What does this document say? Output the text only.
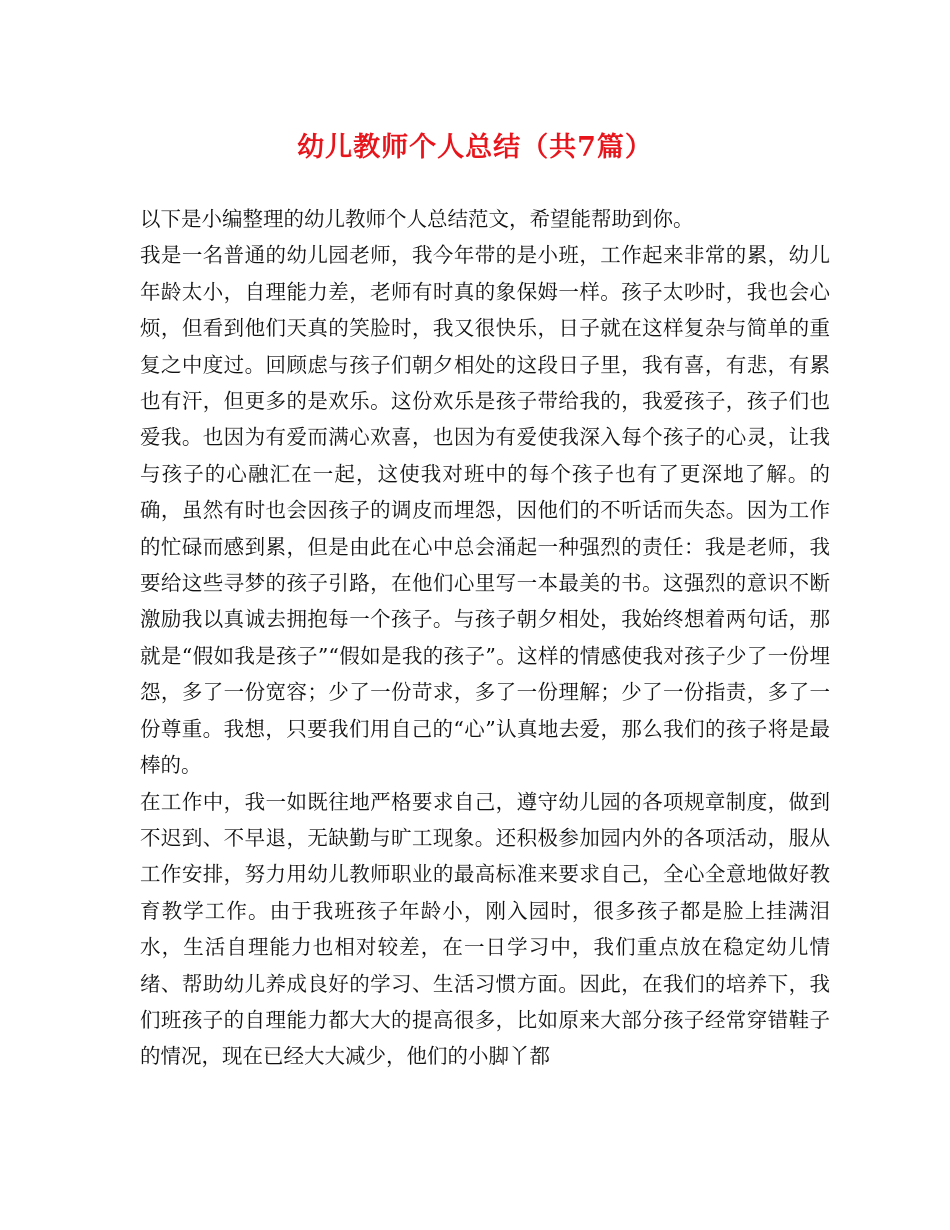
幼儿教师个人总结（共7篇）

以下是小编整理的幼儿教师个人总结范文，希望能帮助到你。

我是一名普通的幼儿园老师，我今年带的是小班，工作起来非常的累，幼儿年龄太小，自理能力差，老师有时真的象保姆一样。孩子太吵时，我也会心烦，但看到他们天真的笑脸时，我又很快乐，日子就在这样复杂与简单的重复之中度过。回顾虑与孩子们朝夕相处的这段日子里，我有喜，有悲，有累也有汗，但更多的是欢乐。这份欢乐是孩子带给我的，我爱孩子，孩子们也爱我。也因为有爱而满心欢喜，也因为有爱使我深入每个孩子的心灵，让我与孩子的心融汇在一起，这使我对班中的每个孩子也有了更深地了解。的确，虽然有时也会因孩子的调皮而埋怨，因他们的不听话而失态。因为工作的忙碌而感到累，但是由此在心中总会涌起一种强烈的责任：我是老师，我要给这些寻梦的孩子引路，在他们心里写一本最美的书。这强烈的意识不断激励我以真诚去拥抱每一个孩子。与孩子朝夕相处，我始终想着两句话，那就是“假如我是孩子”“假如是我的孩子”。这样的情感使我对孩子少了一份埋怨，多了一份宽容；少了一份苛求，多了一份理解；少了一份指责，多了一份尊重。我想，只要我们用自己的“心”认真地去爱，那么我们的孩子将是最棒的。

在工作中，我一如既往地严格要求自己，遵守幼儿园的各项规章制度，做到不迟到、不早退，无缺勤与旷工现象。还积极参加园内外的各项活动，服从工作安排，努力用幼儿教师职业的最高标准来要求自己，全心全意地做好教育教学工作。由于我班孩子年龄小，刚入园时，很多孩子都是脸上挂满泪水，生活自理能力也相对较差，在一日学习中，我们重点放在稳定幼儿情绪、帮助幼儿养成良好的学习、生活习惯方面。因此，在我们的培养下，我们班孩子的自理能力都大大的提高很多，比如原来大部分孩子经常穿错鞋子的情况，现在已经大大减少，他们的小脚丫都
